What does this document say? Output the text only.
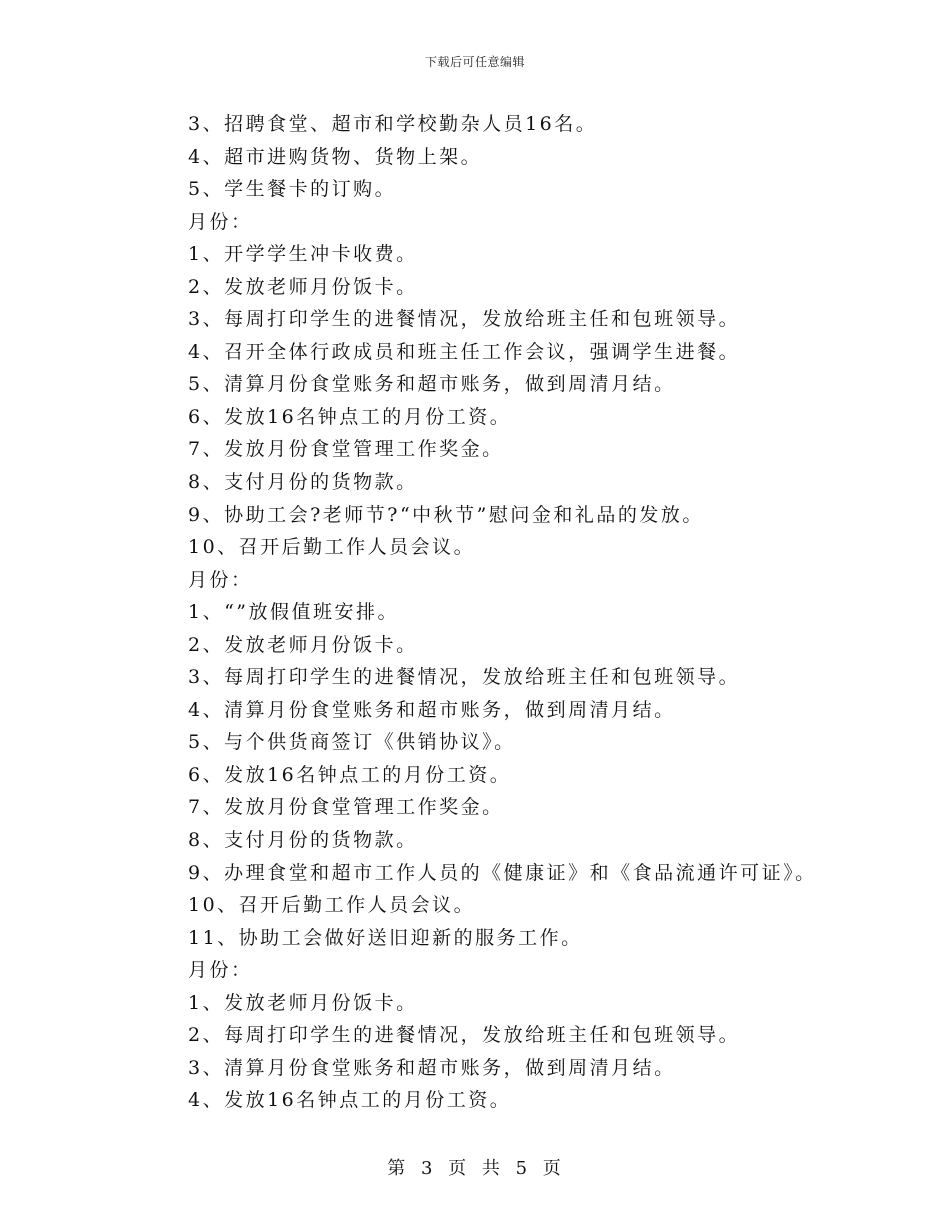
下载后可任意编辑
3、招聘食堂、超市和学校勤杂人员16名。
4、超市进购货物、货物上架。
5、学生餐卡的订购。
月份：
1、开学学生冲卡收费。
2、发放老师月份饭卡。
3、每周打印学生的进餐情况，发放给班主任和包班领导。
4、召开全体行政成员和班主任工作会议，强调学生进餐。
5、清算月份食堂账务和超市账务，做到周清月结。
6、发放16名钟点工的月份工资。
7、发放月份食堂管理工作奖金。
8、支付月份的货物款。
9、协助工会?老师节?“中秋节”慰问金和礼品的发放。
10、召开后勤工作人员会议。
月份：
1、“”放假值班安排。
2、发放老师月份饭卡。
3、每周打印学生的进餐情况，发放给班主任和包班领导。
4、清算月份食堂账务和超市账务，做到周清月结。
5、与个供货商签订《供销协议》。
6、发放16名钟点工的月份工资。
7、发放月份食堂管理工作奖金。
8、支付月份的货物款。
9、办理食堂和超市工作人员的《健康证》和《食品流通许可证》。
10、召开后勤工作人员会议。
11、协助工会做好送旧迎新的服务工作。
月份：
1、发放老师月份饭卡。
2、每周打印学生的进餐情况，发放给班主任和包班领导。
3、清算月份食堂账务和超市账务，做到周清月结。
4、发放16名钟点工的月份工资。
第 3 页 共 5 页
